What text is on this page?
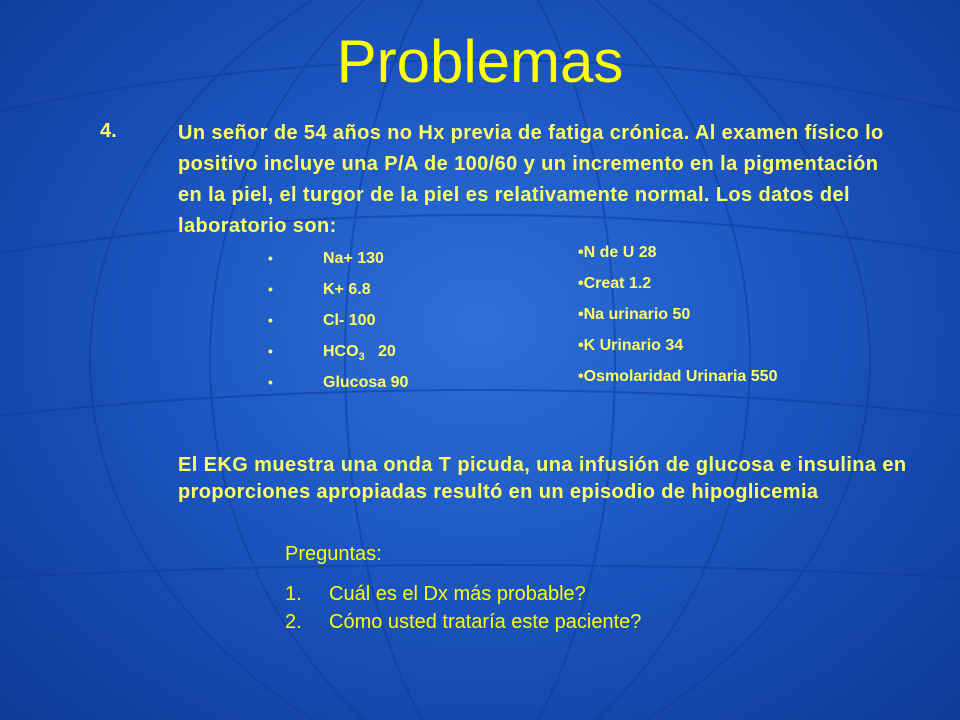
Problemas

4.	Un señor de 54 años no Hx previa de fatiga crónica. Al examen físico lo positivo incluye una P/A de 100/60 y un incremento en la pigmentación en la piel, el turgor de la piel es relativamente normal. Los datos del laboratorio son:

•	Na+ 130
•	K+ 6.8
•	Cl- 100
•	$HCO_3$ 20
•	Glucosa 90
•N de U 28
•Creat 1.2
•Na urinario 50
•K Urinario 34
•Osmolaridad Urinaria 550

El EKG muestra una onda T picuda, una infusión de glucosa e insulina en proporciones apropiadas resultó en un episodio de hipoglicemia

Preguntas:

1. Cuál es el Dx más probable?
2. Cómo usted trataría este paciente?
